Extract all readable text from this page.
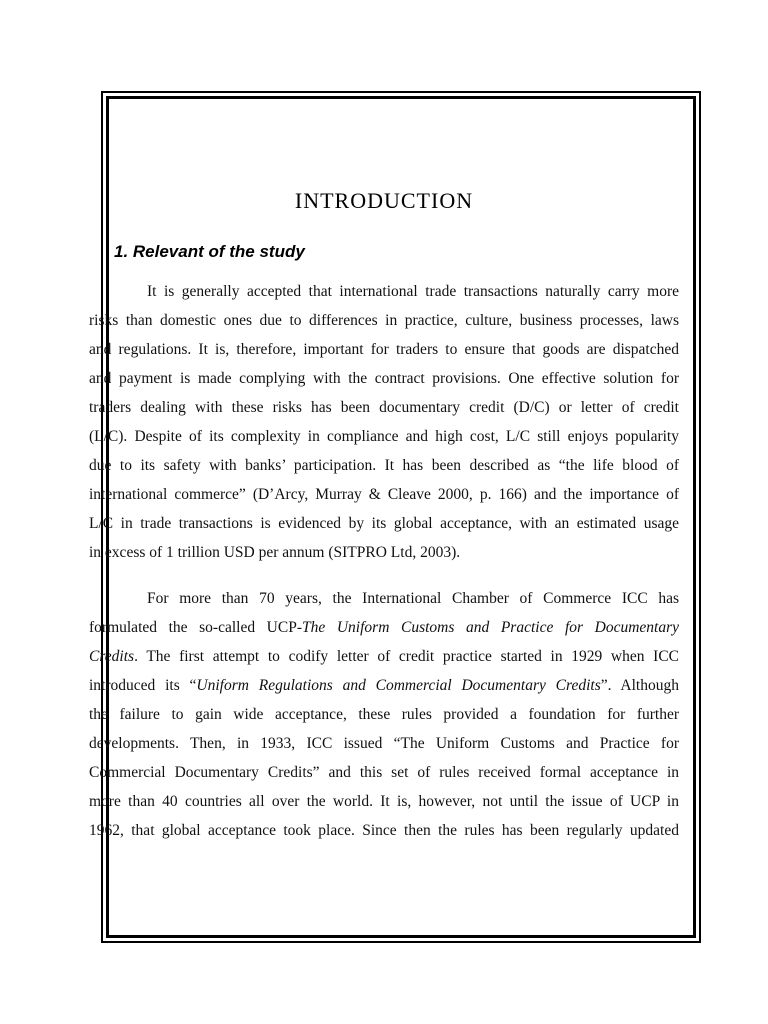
INTRODUCTION
1. Relevant of the study
It is generally accepted that international trade transactions naturally carry more
risks than domestic ones due to differences in practice, culture, business processes, laws
and regulations. It is, therefore, important for traders to ensure that goods are dispatched
and payment is made complying with the contract provisions. One effective solution for
traders dealing with these risks has been documentary credit (D/C) or letter of credit
(L/C). Despite of its complexity in compliance and high cost, L/C still enjoys popularity
due to its safety with banks’ participation. It has been described as “the life blood of
international commerce” (D’Arcy, Murray & Cleave 2000, p. 166) and the importance of
L/C in trade transactions is evidenced by its global acceptance, with an estimated usage
in excess of 1 trillion USD per annum (SITPRO Ltd, 2003).
For more than 70 years, the International Chamber of Commerce ICC has
formulated the so-called UCP-The Uniform Customs and Practice for Documentary
Credits. The first attempt to codify letter of credit practice started in 1929 when ICC
introduced its “Uniform Regulations and Commercial Documentary Credits”. Although
the failure to gain wide acceptance, these rules provided a foundation for further
developments. Then, in 1933, ICC issued “The Uniform Customs and Practice for
Commercial Documentary Credits” and this set of rules received formal acceptance in
more than 40 countries all over the world. It is, however, not until the issue of UCP in
1962, that global acceptance took place. Since then the rules has been regularly updated
